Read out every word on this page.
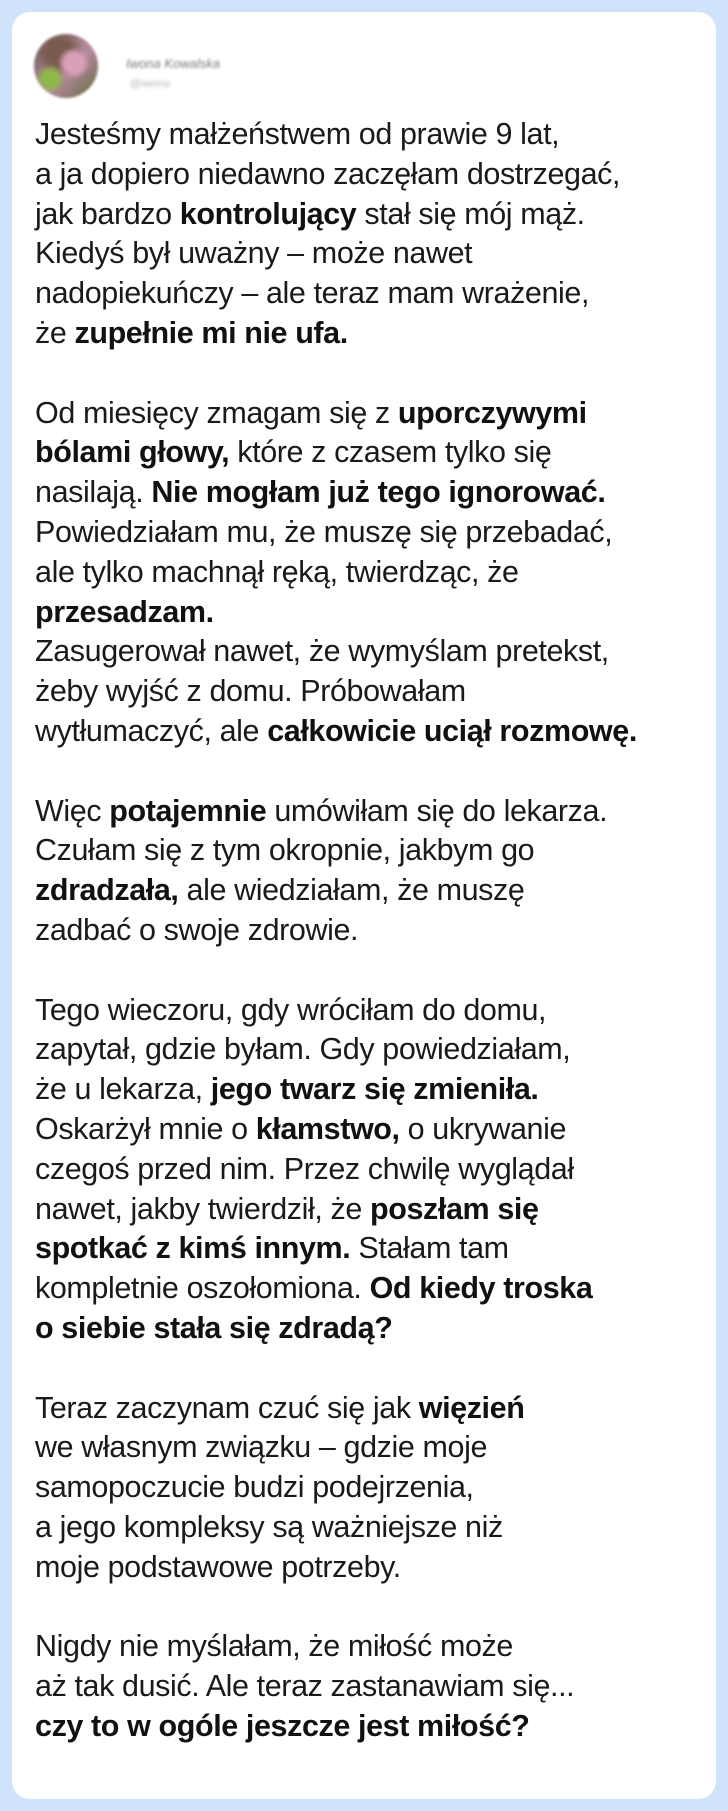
Iwona Kowalska
@iwona

Jesteśmy małżeństwem od prawie 9 lat,
a ja dopiero niedawno zaczęłam dostrzegać,
jak bardzo kontrolujący stał się mój mąż.
Kiedyś był uważny – może nawet
nadopiekuńczy – ale teraz mam wrażenie,
że zupełnie mi nie ufa.

Od miesięcy zmagam się z uporczywymi
bólami głowy, które z czasem tylko się
nasilają. Nie mogłam już tego ignorować.
Powiedziałam mu, że muszę się przebadać,
ale tylko machnął ręką, twierdząc, że
przesadzam.
Zasugerował nawet, że wymyślam pretekst,
żeby wyjść z domu. Próbowałam
wytłumaczyć, ale całkowicie uciął rozmowę.

Więc potajemnie umówiłam się do lekarza.
Czułam się z tym okropnie, jakbym go
zdradzała, ale wiedziałam, że muszę
zadbać o swoje zdrowie.

Tego wieczoru, gdy wróciłam do domu,
zapytał, gdzie byłam. Gdy powiedziałam,
że u lekarza, jego twarz się zmieniła.
Oskarżył mnie o kłamstwo, o ukrywanie
czegoś przed nim. Przez chwilę wyglądał
nawet, jakby twierdził, że poszłam się
spotkać z kimś innym. Stałam tam
kompletnie oszołomiona. Od kiedy troska
o siebie stała się zdradą?

Teraz zaczynam czuć się jak więzień
we własnym związku – gdzie moje
samopoczucie budzi podejrzenia,
a jego kompleksy są ważniejsze niż
moje podstawowe potrzeby.

Nigdy nie myślałam, że miłość może
aż tak dusić. Ale teraz zastanawiam się...
czy to w ogóle jeszcze jest miłość?
